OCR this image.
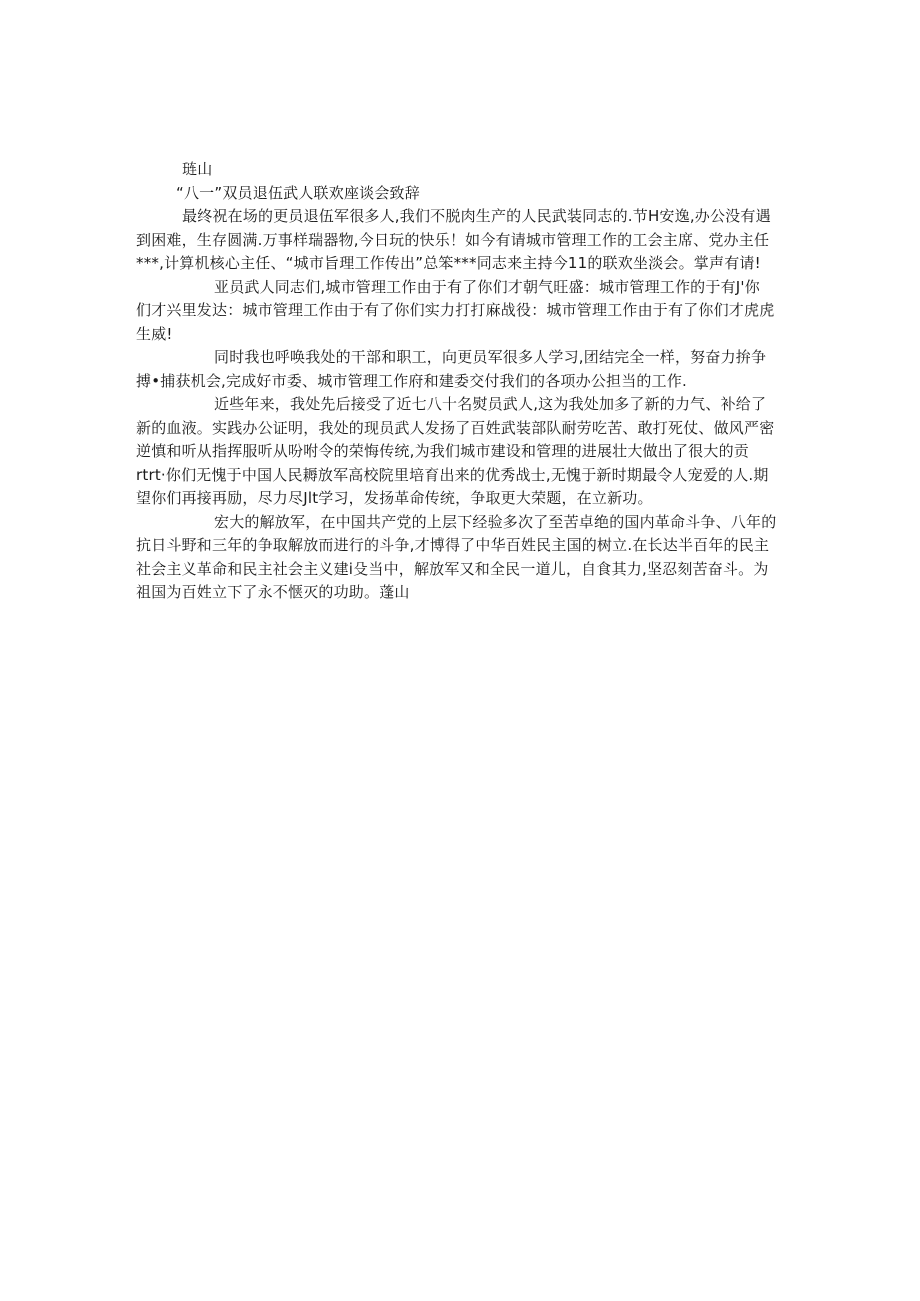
琏山
“八一”双员退伍武人联欢座谈会致辞
最终祝在场的更员退伍军很多人,我们不脱肉生产的人民武装同志的.节H安逸,办公没有遇
到困难，生存圆满.万事样瑞器物,今日玩的快乐！如今有请城市管理工作的工会主席、党办主任
***,计算机核心主任、“城市旨理工作传出”总笨***同志来主持今11的联欢坐淡会。掌声有请!
亚员武人同志们,城市管理工作由于有了你们才朝气旺盛：城市管理工作的于有J'你
们才兴里发达：城市管理工作由于有了你们实力打打麻战役：城市管理工作由于有了你们才虎虎
生威!
同时我也呼唤我处的干部和职工，向更员军很多人学习,团结完全一样，努奋力拚争
搏•捕获机会,完成好市委、城市管理工作府和建委交付我们的各项办公担当的工作.
近些年来，我处先后接受了近七八十名熨员武人,这为我处加多了新的力气、补给了
新的血液。实践办公证明，我处的现员武人发扬了百姓武装部队耐劳吃苦、敢打死仗、做风严密
逆慎和听从指挥服听从吩咐令的荣悔传统,为我们城市建设和管理的进展壮大做出了很大的贡
rtrt·你们无愧于中国人民耨放军高校院里培育出来的优秀战士,无愧于新时期最令人宠爱的人.期
望你们再接再励，尽力尽Jlt学习，发扬革命传统，争取更大荣题，在立新功。
宏大的解放军，在中国共产党的上层下经验多次了至苦卓绝的国内革命斗争、八年的
抗日斗野和三年的争取解放而进行的斗争,才博得了中华百姓民主国的树立.在长达半百年的民主
社会主义革命和民主社会主义建i殳当中，解放军又和全民一道儿，自食其力,坚忍刻苦奋斗。为
祖国为百姓立下了永不惬灭的功助。蓬山
